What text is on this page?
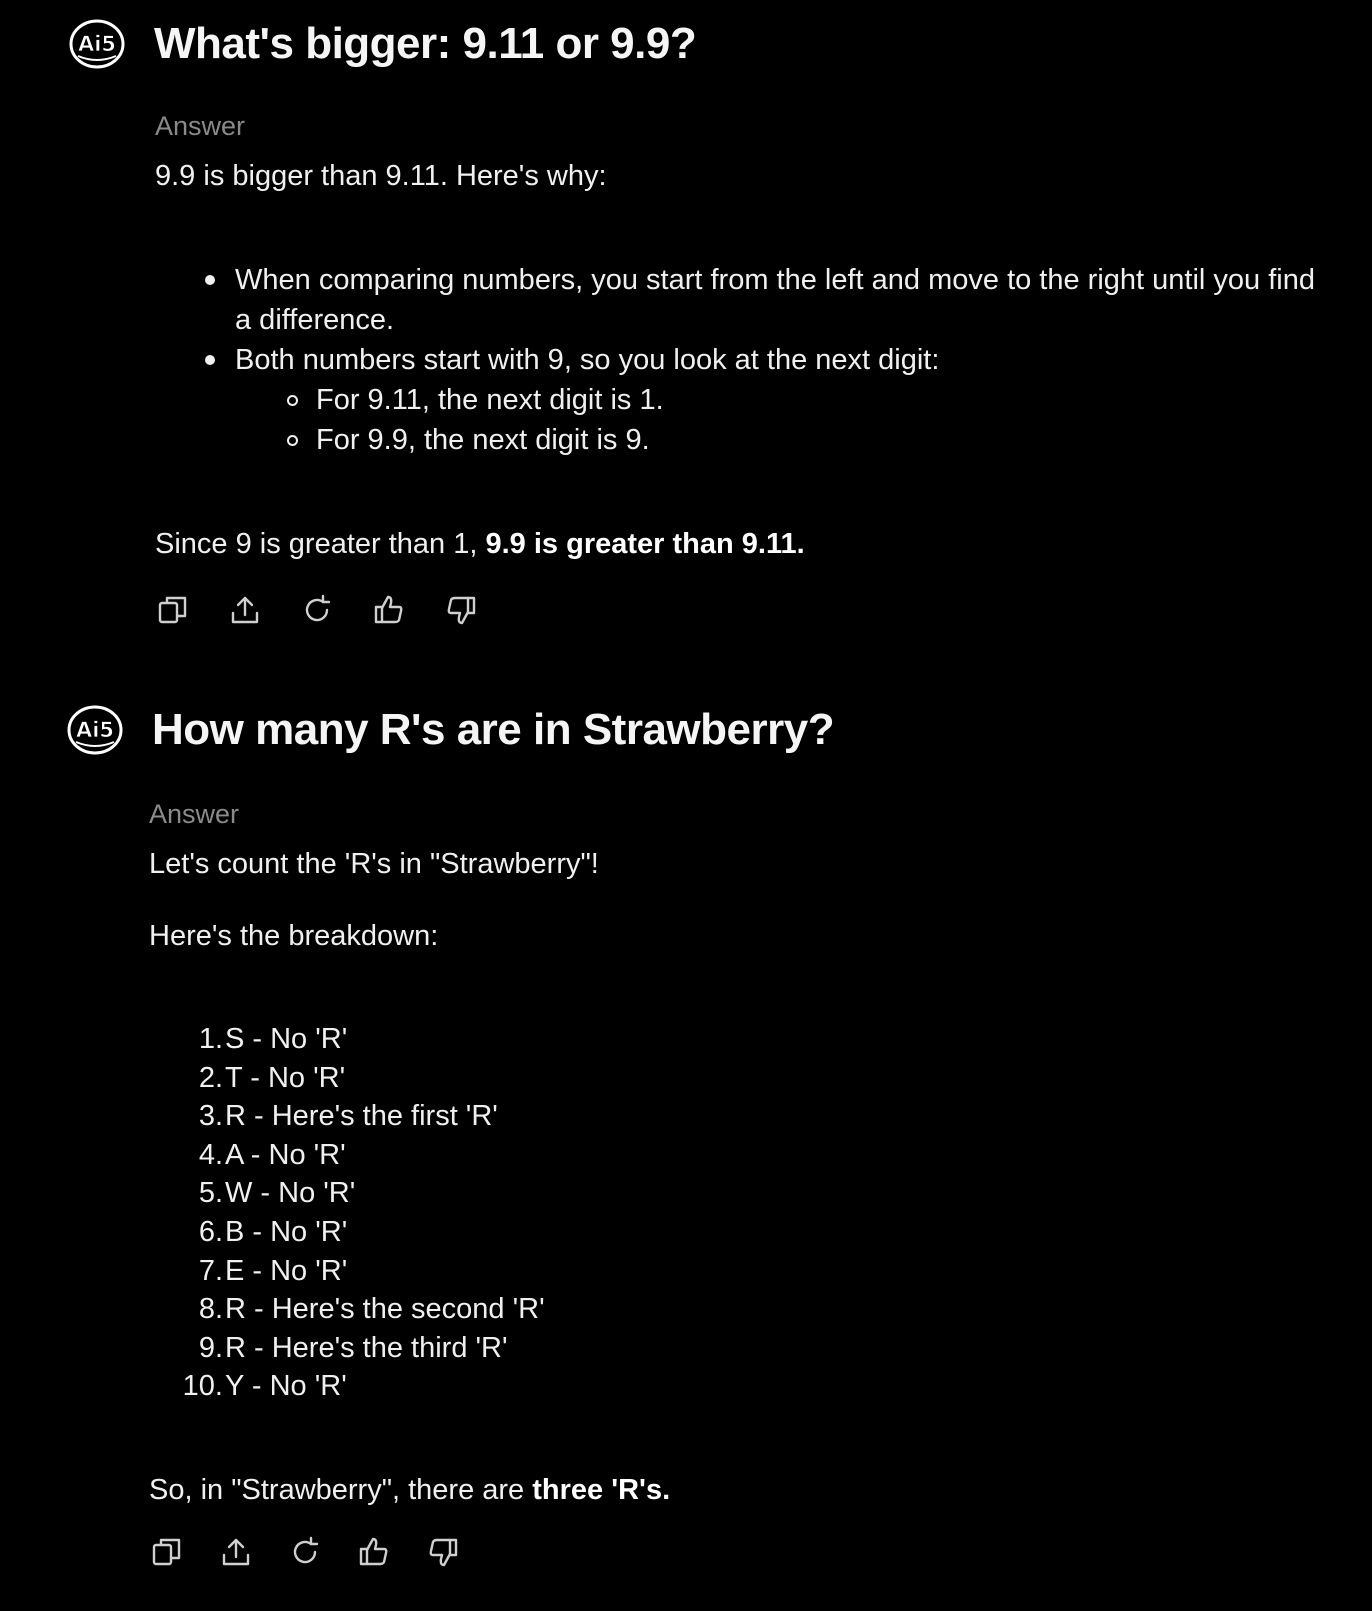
Ai5 What's bigger: 9.11 or 9.9?
Answer

9.9 is bigger than 9.11. Here's why:

When comparing numbers, you start from the left and move to the right until you find a difference.
Both numbers start with 9, so you look at the next digit:
For 9.11, the next digit is 1.
For 9.9, the next digit is 9.

Since 9 is greater than 1, 9.9 is greater than 9.11.

Ai5 How many R's are in Strawberry?
Answer

Let's count the 'R's in "Strawberry"!

Here's the breakdown:

1.S - No 'R'
2.T - No 'R'
3.R - Here's the first 'R'
4.A - No 'R'
5.W - No 'R'
6.B - No 'R'
7.E - No 'R'
8.R - Here's the second 'R'
9.R - Here's the third 'R'
10.Y - No 'R'

So, in "Strawberry", there are three 'R's.
